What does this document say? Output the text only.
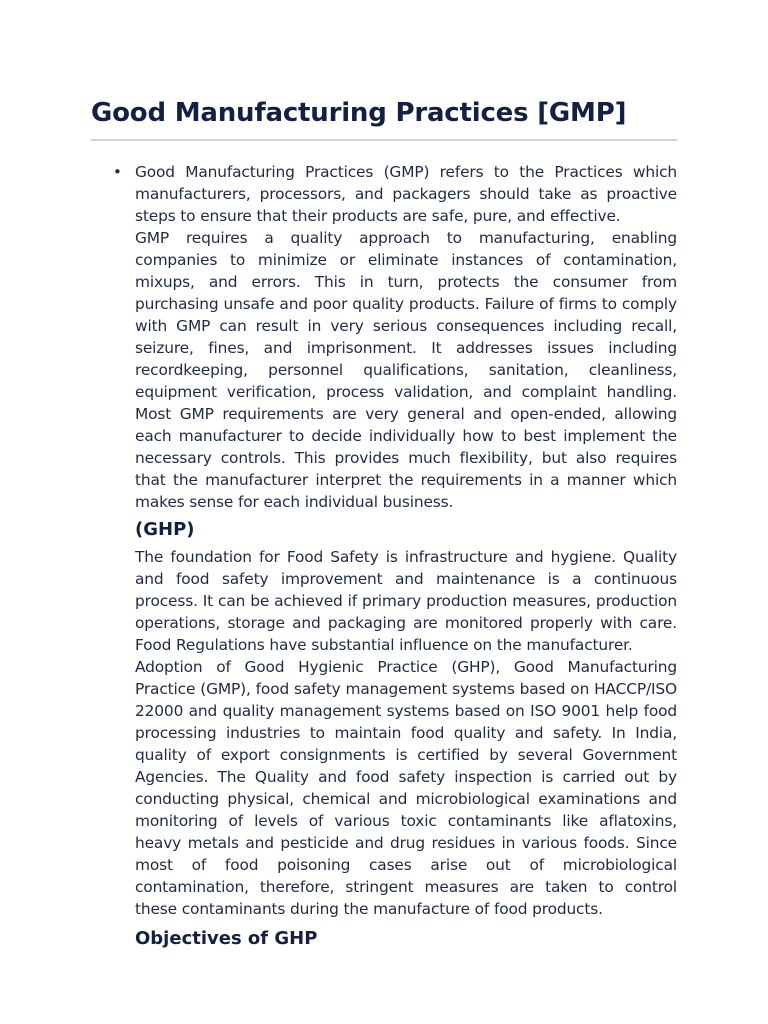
Good Manufacturing Practices [GMP]
• Good Manufacturing Practices (GMP) refers to the Practices which manufacturers, processors, and packagers should take as proactive steps to ensure that their products are safe, pure, and effective.

GMP requires a quality approach to manufacturing, enabling companies to minimize or eliminate instances of contamination, mixups, and errors. This in turn, protects the consumer from purchasing unsafe and poor quality products. Failure of firms to comply with GMP can result in very serious consequences including recall, seizure, fines, and imprisonment. It addresses issues including recordkeeping, personnel qualifications, sanitation, cleanliness, equipment verification, process validation, and complaint handling. Most GMP requirements are very general and open-ended, allowing each manufacturer to decide individually how to best implement the necessary controls. This provides much flexibility, but also requires that the manufacturer interpret the requirements in a manner which makes sense for each individual business.

(GHP)

The foundation for Food Safety is infrastructure and hygiene. Quality and food safety improvement and maintenance is a continuous process. It can be achieved if primary production measures, production operations, storage and packaging are monitored properly with care. Food Regulations have substantial influence on the manufacturer.

Adoption of Good Hygienic Practice (GHP), Good Manufacturing Practice (GMP), food safety management systems based on HACCP/ISO 22000 and quality management systems based on ISO 9001 help food processing industries to maintain food quality and safety. In India, quality of export consignments is certified by several Government Agencies. The Quality and food safety inspection is carried out by conducting physical, chemical and microbiological examinations and monitoring of levels of various toxic contaminants like aflatoxins, heavy metals and pesticide and drug residues in various foods. Since most of food poisoning cases arise out of microbiological contamination, therefore, stringent measures are taken to control these contaminants during the manufacture of food products.

Objectives of GHP
